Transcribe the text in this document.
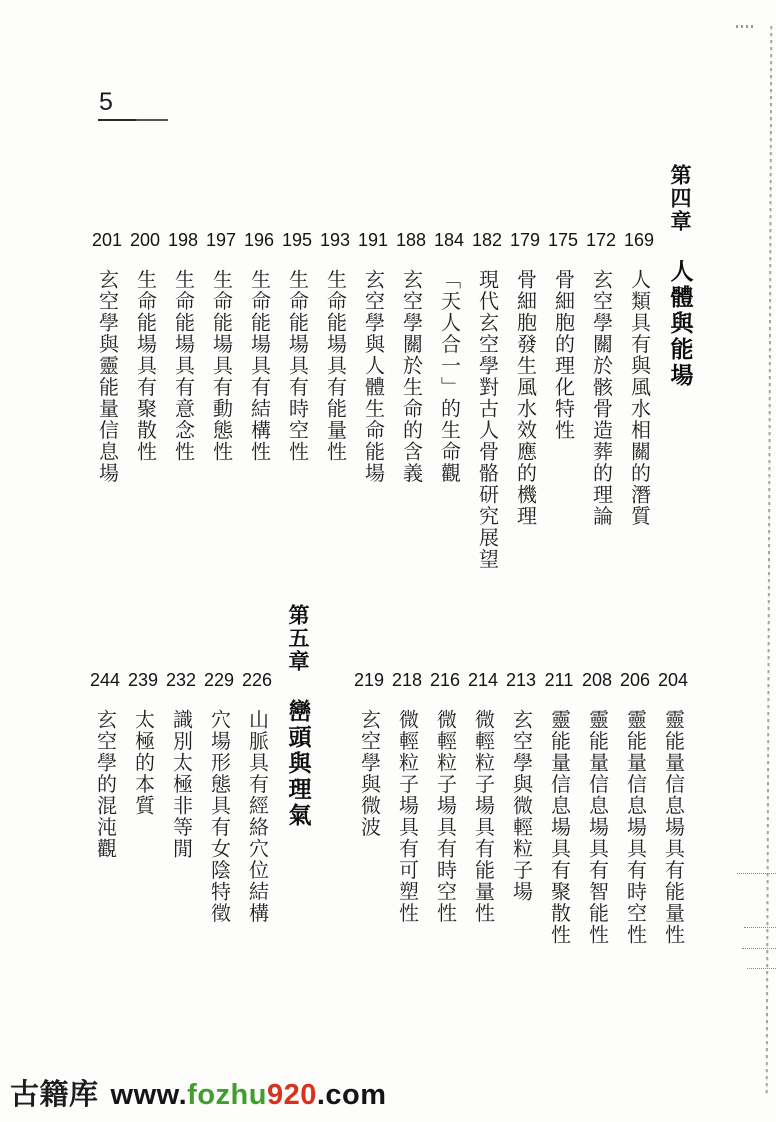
5
第四章
人體與能場
169
人類具有與風水相關的潛質
172
玄空學關於骸骨造葬的理論
175
骨細胞的理化特性
179
骨細胞發生風水效應的機理
182
現代玄空學對古人骨骼研究展望
184
「天人合一」的生命觀
188
玄空學關於生命的含義
191
玄空學與人體生命能場
193
生命能場具有能量性
195
生命能場具有時空性
196
生命能場具有結構性
197
生命能場具有動態性
198
生命能場具有意念性
200
生命能場具有聚散性
201
玄空學與靈能量信息場
204
靈能量信息場具有能量性
206
靈能量信息場具有時空性
208
靈能量信息場具有智能性
211
靈能量信息場具有聚散性
213
玄空學與微輕粒子場
214
微輕粒子場具有能量性
216
微輕粒子場具有時空性
218
微輕粒子場具有可塑性
219
玄空學與微波
第五章
巒頭與理氣
226
山脈具有經絡穴位結構
229
穴場形態具有女陰特徵
232
識別太極非等閒
239
太極的本質
244
玄空學的混沌觀
古籍库 www.fozhu920.com
